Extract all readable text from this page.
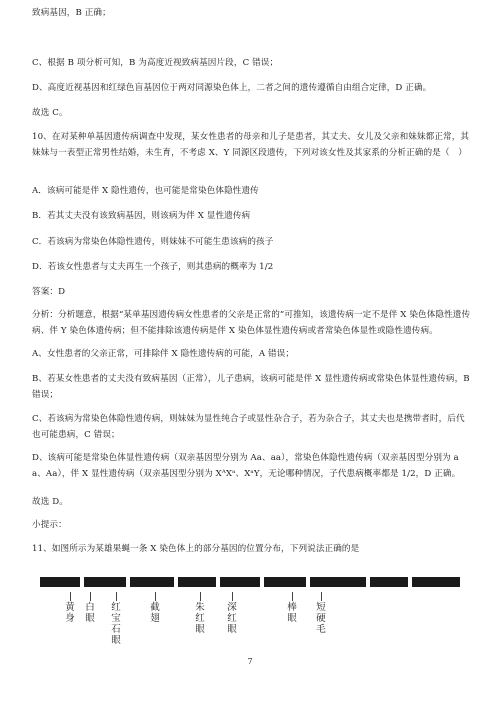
致病基因，B 正确；
C、根据 B 项分析可知，B 为高度近视致病基因片段，C 错误；
D、高度近视基因和红绿色盲基因位于两对同源染色体上，二者之间的遗传遵循自由组合定律，D 正确。
故选 C。
10、在对某种单基因遗传病调查中发现，某女性患者的母亲和儿子是患者，其丈夫、女儿及父亲和妹妹都正常，其妹妹与一表型正常男性结婚，未生育，不考虑 X、Y 同源区段遗传，下列对该女性及其家系的分析正确的是（　）
A．该病可能是伴 X 隐性遗传，也可能是常染色体隐性遗传
B．若其丈夫没有该致病基因，则该病为伴 X 显性遗传病
C．若该病为常染色体隐性遗传，则妹妹不可能生患该病的孩子
D．若该女性患者与丈夫再生一个孩子，则其患病的概率为 1/2
答案：D
分析：分析题意，根据“某单基因遗传病女性患者的父亲是正常的”可推知，该遗传病一定不是伴 X 染色体隐性遗传病、伴 Y 染色体遗传病；但不能排除该遗传病是伴 X 染色体显性遗传病或者常染色体显性或隐性遗传病。
A、女性患者的父亲正常，可排除伴 X 隐性遗传病的可能，A 错误；
B、若某女性患者的丈夫没有致病基因（正常），儿子患病，该病可能是伴 X 显性遗传病或常染色体显性遗传病，B 错误；
C、若该病为常染色体隐性遗传病，则妹妹为显性纯合子或显性杂合子，若为杂合子，其丈夫也是携带者时，后代也可能患病，C 错误；
D、该病可能是常染色体显性遗传病（双亲基因型分别为 Aa、aa），常染色体隐性遗传病（双亲基因型分别为 aa、Aa），伴 X 显性遗传病（双亲基因型分别为 XᴬXᵃ、XᵃY，无论哪种情况，子代患病概率都是 1/2，D 正确。
故选 D。
小提示：
11、如图所示为某雄果蝇一条 X 染色体上的部分基因的位置分布，下列说法正确的是
黄身
白眼
红宝石眼
截翅
朱红眼
深红眼
棒眼
短硬毛
7
